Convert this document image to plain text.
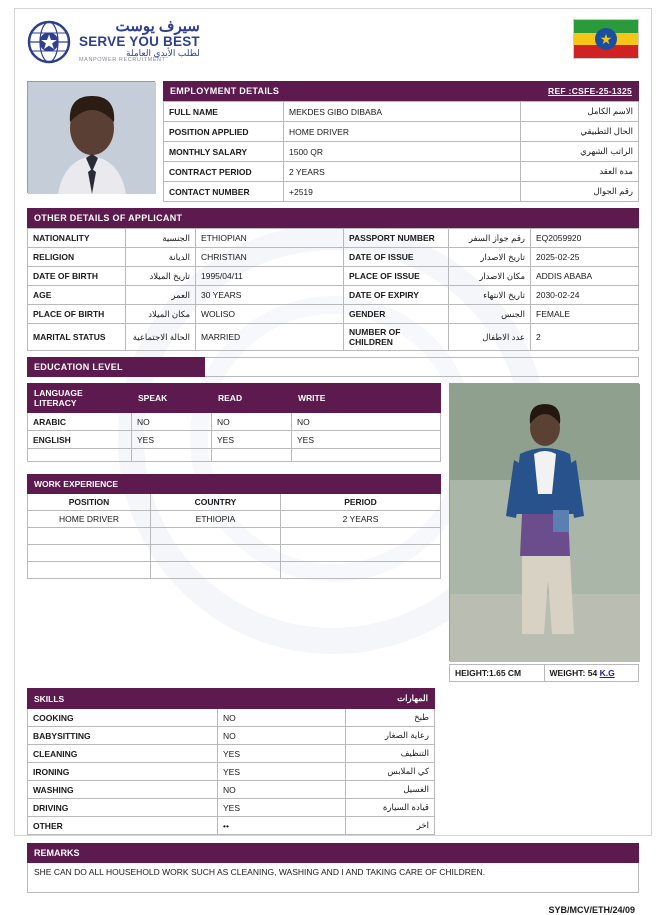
سيرف يوست
SERVE YOU BEST
لطلب الأيدي العاملة
MANPOWER RECRUITMENT
★
EMPLOYMENT DETAILS	REF :CSFE-25-1325
FULL NAME	MEKDES GIBO DIBABA	الاسم الكامل
POSITION APPLIED	HOME DRIVER	الحال التطبيقي
MONTHLY SALARY	1500 QR	الراتب الشهري
CONTRACT PERIOD	2 YEARS	مدة العقد
CONTACT NUMBER	+2519	رقم الجوال
OTHER DETAILS OF APPLICANT
NATIONALITY	الجنسية	ETHIOPIAN	PASSPORT NUMBER	رقم جواز السفر	EQ2059920
RELIGION	الديانة	CHRISTIAN	DATE OF ISSUE	تاريخ الاصدار	2025-02-25
DATE OF BIRTH	تاريخ الميلاد	1995/04/11	PLACE OF ISSUE	مكان الاصدار	ADDIS ABABA
AGE	العمر	30 YEARS	DATE OF EXPIRY	تاريخ الانتهاء	2030-02-24
PLACE OF BIRTH	مكان الميلاد	WOLISO	GENDER	الجنس	FEMALE
MARITAL STATUS	الحالة الاجتماعية	MARRIED	NUMBER OF CHILDREN	عدد الاطفال	2
EDUCATION LEVEL
LANGUAGE LITERACY	SPEAK	READ	WRITE
ARABIC	NO	NO	NO
ENGLISH	YES	YES	YES

WORK EXPERIENCE		
POSITION	COUNTRY	PERIOD
HOME DRIVER	ETHIOPIA	2 YEARS

HEIGHT:1.65 CM	WEIGHT: 54 K.G
SKILLS	المهارات	
COOKING	NO	طبخ
BABYSITTING	NO	رعاية الصغار
CLEANING	YES	التنظيف
IRONING	YES	كي الملابس
WASHING	NO	الغسيل
DRIVING	YES	قيادة السيارة
OTHER	••	اخر
REMARKS
SHE CAN DO ALL HOUSEHOLD WORK SUCH AS CLEANING, WASHING AND I AND TAKING CARE OF CHILDREN.
SYB/MCV/ETH/24/09
